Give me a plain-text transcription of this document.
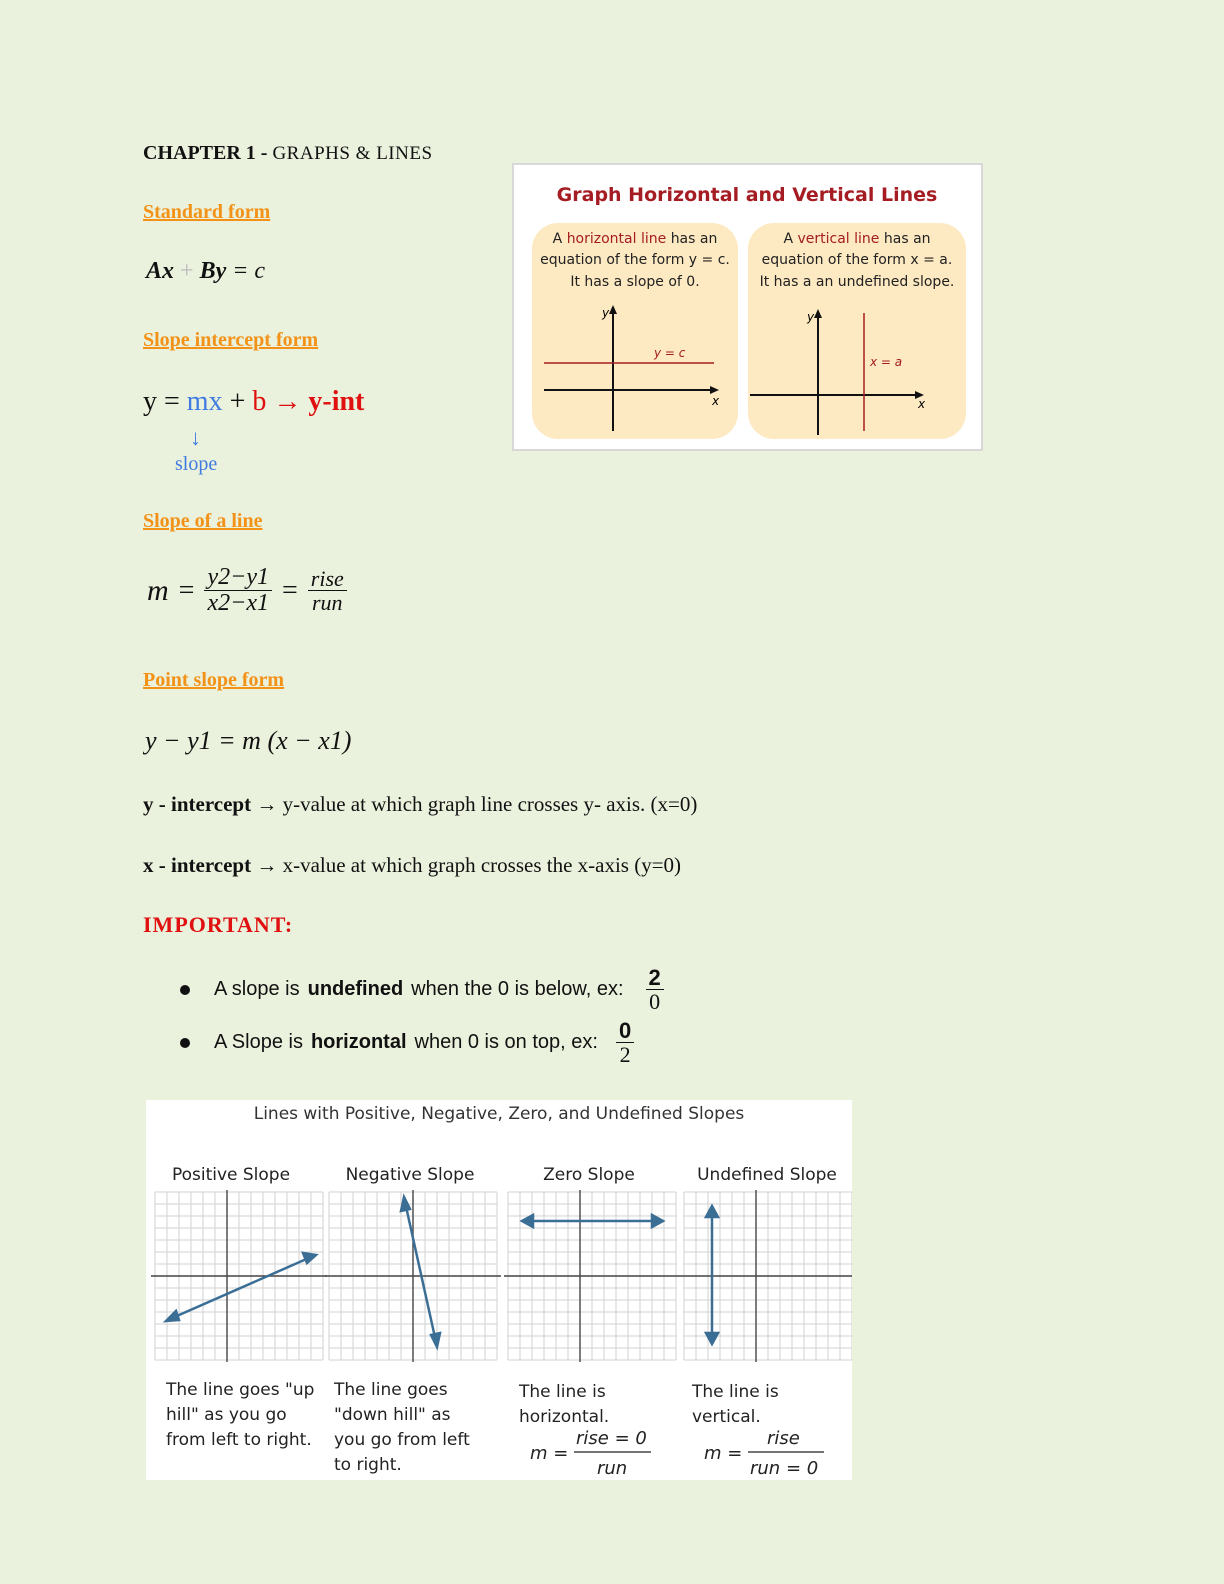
CHAPTER 1 - GRAPHS & LINES
Standard form
Ax + By = c
Slope intercept form
y = mx + b → y-int
↓
slope
Slope of a line
$m = \frac{y2-y1}{x2-x1} = \frac{\text{rise}}{\text{run}}$
Point slope form
y − y1 = m (x − x1)
y - intercept → y-value at which graph line crosses y- axis. (x=0)
x - intercept → x-value at which graph crosses the x-axis (y=0)
IMPORTANT:
A slope is undefined when the 0 is below, ex: $\frac{2}{0}$
A Slope is horizontal when 0 is on top, ex: $\frac{0}{2}$
Graph Horizontal and Vertical Lines
A horizontal line has an
equation of the form y = c.
It has a slope of 0.
y
x
y = c
A vertical line has an
equation of the form x = a.
It has a an undefined slope.
y
x
x = a
Lines with Positive, Negative, Zero, and Undefined Slopes
Positive Slope	Negative Slope	Zero Slope	Undefined Slope
The line goes "up
hill" as you go
from left to right.
The line goes
"down hill" as
you go from left
to right.
The line is
horizontal.
The line is
vertical.
m =
rise = 0
run
m =
rise
run = 0
